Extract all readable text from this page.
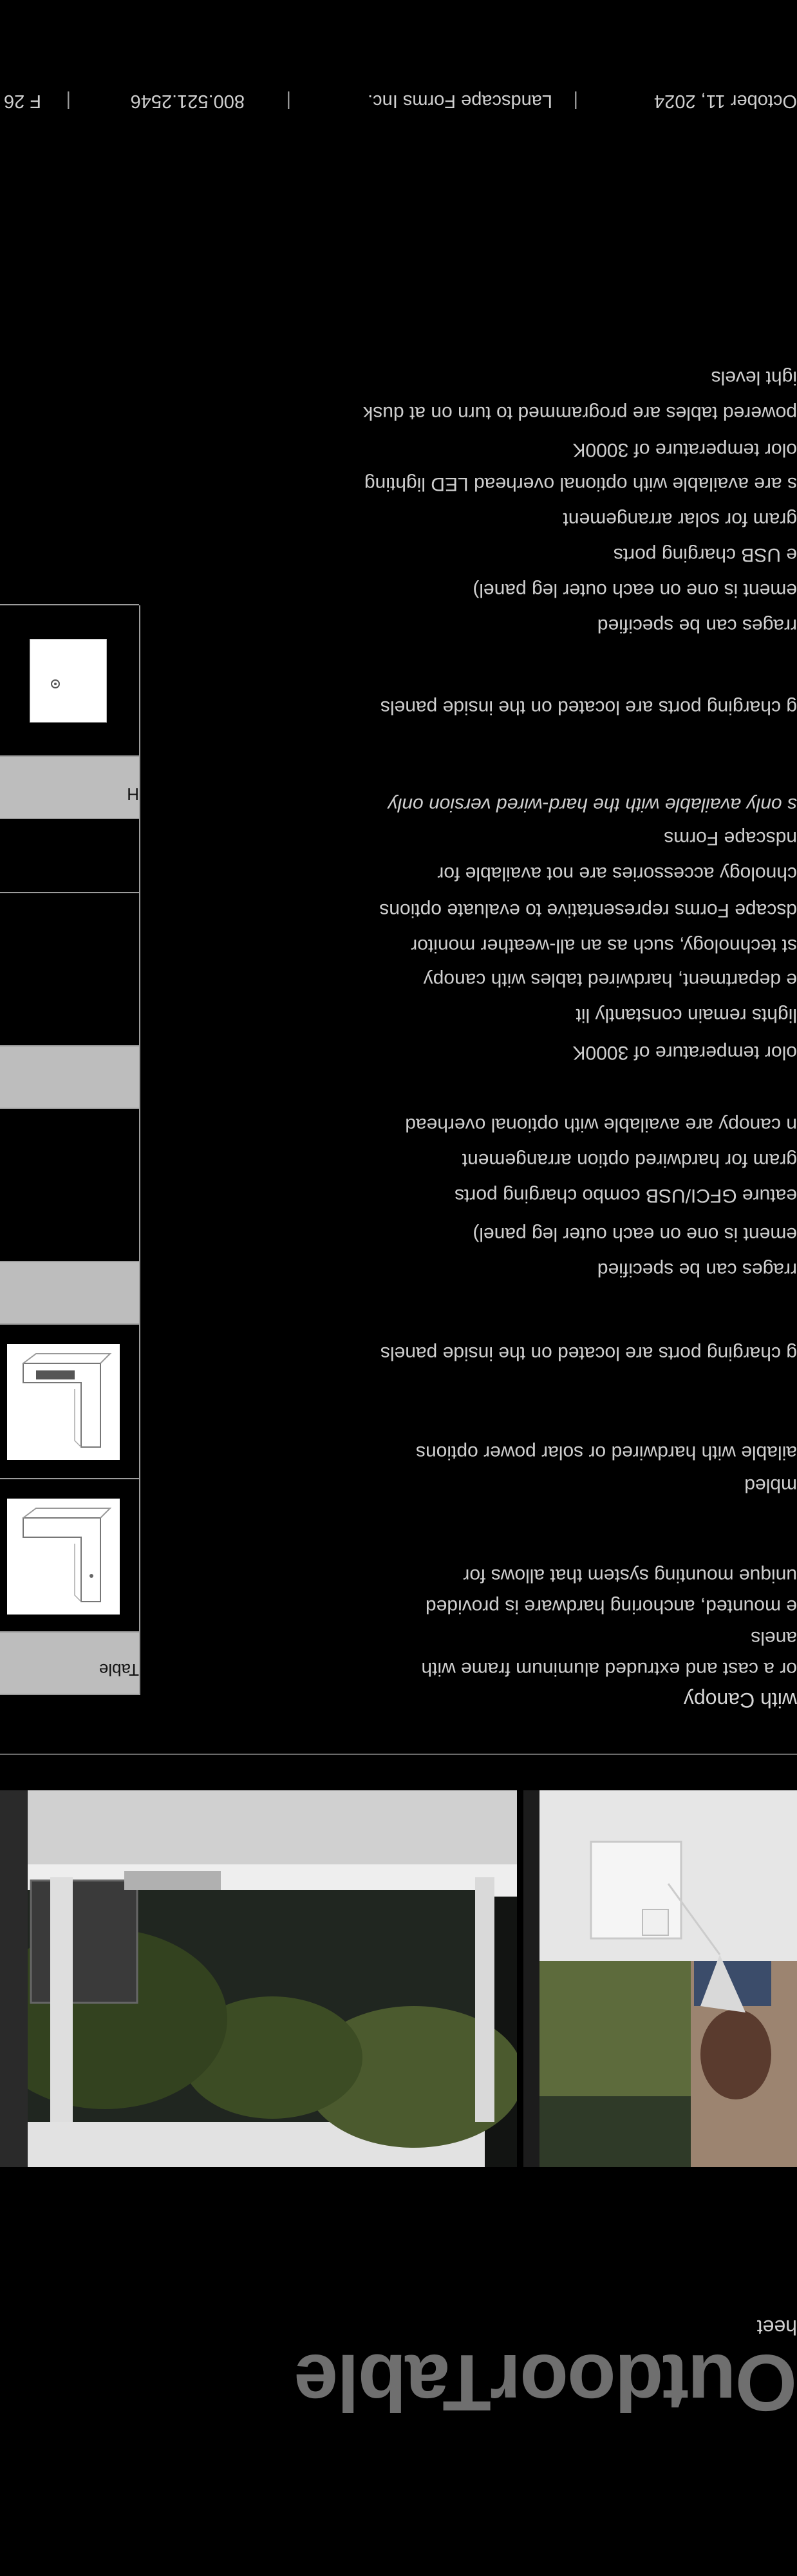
October 11, 2024
|
Landscape Forms Inc.
|
800.521.2546
|
F 26
OutdoorTable
heet
with Canopy
or a cast and extruded aluminum frame with
anels
e mounted, anchoring hardware is provided
unique mounting system that allows for
mbled
ailable with hardwired or solar power options
g charging ports are located on the inside panels
rrages can be specified
ement is one on each outer leg panel)
eature GFCI/USB combo charging ports
gram for hardwired option arrangement
n canopy are available with optional overhead
olor temperature of 3000K
lights remain constantly lit
e department, hardwired tables with canopy
st technology, such as an all-weather monitor
dscape Forms representative to evaluate options
chnology accessories are not available for
ndscape Forms
s only available with the hard-wired version only
g charging ports are located on the inside panels
rrages can be specified
ement is one on each outer leg panel)
e USB charging ports
gram for solar arrangement
s are available with optional overhead LED lighting
olor temperature of 3000K
powered tables are programmed to turn on at dusk
ight levels
Table
H
